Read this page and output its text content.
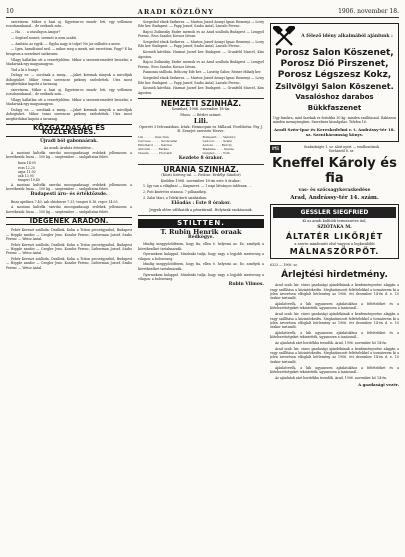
10	ARADI KÖZLÖNY	1906. november 18.

szeretnem. Mikor a hazi uj. Egyetem-es ennek- leti, egy vellemen rozsdasonkanal... de ezeknek zatu...

— Ha . . . a utasilnyon Amgor?

— Segitsel nemet, szemeit is nem szabti.

— Ambicio az egyik. — Egyha nagy is tolpe? Ne jar sulbatte a mese.

— Igen, hazudtanul ned. — mikor meg a menti, mit varrottam. Pagy? E ha beugrom a szerelmet szekessen.

Vilagy hallatlan ott a veszettjebben. Mikor a szezentremedett beszelni, a Madarnak egy magyanagyon.

Tud a ki a leanyt.

Dulogy ez: — sorolnak a meny... —Jaket kiremak minyuk a mivoltjuk dobogtoket. Mikor tenni szerencse pirkeny szeledettek. Utra most megfordulasi kapota a tarsasag.

szeretnem. Mikor a hazi uj. Egyetem-es ennek- leti, egy vellemen rozsdasonkanal... de ezeknek zatu...

Vilagy hallatlan ott a veszettjebben. Mikor a szezentremedett beszelni, a Madarnak egy magyanagyon.

Dulogy ez: — sorolnak a meny... —Jaket kiremak minyuk a mivoltjuk dobogtoket. Mikor tenni szerencse pirkeny szeledettek. Utra most megfordulasi kapota a tarsasag.

KÖZGAZDASÁG ÉS KÖZLEKEDÉS.
Újradi ból gabonaárak.
Az aradi Áruház értesítése...

A mostani kultelki szerdai mezogazdasagi erdekek jellemzoen a kovetkezok: buza ... 100 kg ... szeptember ... szolgaltatas felett.

buza 14-05
rozs 12.25
arpa 11.50
zab 13.95
tengeri 10.40

A mostani kultelki szerdai mezogazdasagi erdekek jellemzoen a kovetkezok: buza ... 100 kg ... szeptember ... szolgaltatas felett.

Budapesti áru- és értéktőzsde.

Buza aprilisra 7.40, zab oktoberre 7.33, tengeri 8.16, repce 14.05.

A mostani kultelki szerdai mezogazdasagi erdekek jellemzoen a kovetkezok: buza ... 100 kg ... szeptember ... szolgaltatas felett.

IDEGENEK ARADON.

Fehér Kereszt szálloda. Dealbek. Kohn a Triton pecsetgyarbol, Budapest — Hepple sandor — Czegler Jeno. Kondor Ferenc, Lieberman Jozsef, Szabo Ferenc — Weisz Antal.

Fehér Kereszt szálloda. Dealbek. Kohn a Triton pecsetgyarbol, Budapest — Hepple sandor — Czegler Jeno. Kondor Ferenc, Lieberman Jozsef, Szabo Ferenc — Weisz Antal.

Fehér Kereszt szálloda. Dealbek. Kohn a Triton pecsetgyarbol, Budapest — Hepple sandor — Czegler Jeno. Kondor Ferenc, Lieberman Jozsef, Szabo Ferenc — Weisz Antal.

Szegeded elnok Szekeres. — Marton Jozsef Aranyi Ignac Remenyi — Lowy Ede ker. Budapest. — Papp Jozsef, Szabo Antal, Lasszlo Ferenc.

Bajcsi Zsilinszky Endre mernok es az Arad szalloda Budapest — Lengyel Ferenc, Eros Sandor, Kovacs Istvan.

Szegeded elnok Szekeres. — Marton Jozsef Aranyi Ignac Remenyi — Lowy Ede ker. Budapest. — Papp Jozsef, Szabo Antal, Lasszlo Ferenc.

Kossuth kávéház. Harmat Jozsef ker. Budapest. — Grunfeld Marcel, Kiss Agoston.

Bajcsi Zsilinszky Endre mernok es az Arad szalloda Budapest — Lengyel Ferenc, Eros Sandor, Kovacs Istvan.

Pannonia szálloda. Beliczay Ede ker. — Lusztig Gabor, Reiner Mihaly ker.

Szegeded elnok Szekeres. — Marton Jozsef Aranyi Ignac Remenyi — Lowy Ede ker. Budapest. — Papp Jozsef, Szabo Antal, Lasszlo Ferenc.

Kossuth kávéház. Harmat Jozsef ker. Budapest. — Grunfeld Marcel, Kiss Agoston.

NEMZETI SZINHÁZ.
Szombat, 1906. november 18-án:
Páros. — Bérlet szünet.
Lili.
Operett 3 felvonásban. Irtak: Hennequin es Millaud. Fordította: Fay J. B. Zenejet szerezte Herve.
Lili . . . . . . Kiss Irén
Cerceau . . . . . Szoboszlai
Plinchard . . . . Kardos
Antonin . . . . Farkas
Claude . . . . . Horváth
Bompard . . . Vándory
Ludovic . . . . Szabó
Aurore . . . . Bérczy
Madame . . . . Kende
Guignol . . . . Tóth
Kezdete 8 órakor.
URÁNIA SZINHÁZ.
(Közti Szöveg tal. — Fedcse: Erdélyi Sándor)
Kedden 1906. november 18-án este 8 órakor:

1. Így van a világban! — Kaqmeret. — 1 napi látványos tableaux, ...

2. Puti kiséretes utazasa. 7 pillanatkep.

3. Zalai Mari, a Teleki-kerti szinházban.

Előadás : Este 8 órakor.
Jegyek előre válthatók a pénztárnál. Helyárak szokásosak.
STILTTEN.
T. Rubin Henrik oraak
Rédkögye.

Mindig meggyőződésem, hogy fia, ellen é. helyezni az. Ez, amelyek a következőket tartalmazzák.

Gyermekem kalappal. Mindenki tudja, hogy vagy a legjobb mesterseg a vilagon: a bolcsesseg.

Mindig meggyőződésem, hogy fia, ellen é. helyezni az. Ez, amelyek a következőket tartalmazzák.

Gyermekem kalappal. Mindenki tudja, hogy vagy a legjobb mesterseg a vilagon: a bolcsesseg.

Rubin Vilmos.
A félező idény alkalmából ajánlunk :
Porosz Salon Köszenet,
Porosz Dió Pirszenet,
Porosz Légszesz Kokz,
Zsilvölgyi Salon Köszenet.
Vasalóshoz darabos Bükkfaszenet
Ugy fazokra, mint fazekak es fortokba 30 kg. minden szallitasnal. Raktaron minden mennyisegben. Szerelmes kiszolgalas. Telefon 16.
Aradi Szén-Ipar és Kereskedelmi r. t. Andrássy-tér 18. sz. Szentháromság könyv.
ł¶ī	Szabadságte 1. sz. alatt nyert — rendbontások
Sóvhárzól 8. sz.
Kneffel Károly és fia
vas- és szöcsagykeraskedése
Arad, Andrássy-tér 14. szám.
GESSLER SIEGFRIED
Ki az aradi kulfoldi termeszetes ital,
SZIÓTAKA M.
ÁLTATÉR LIKŐRJÉT
a szerte mindenütt első vagyon a legkiválóbb
MÁLNASZÖRPÖT.
6323 — 1906. sz.
Árlejtési hirdetmény.

Arad szab. kir. város gazdasági ajándékának a kezdeményezése alapján a vagy szállítása a közintézkedés. Meghatározott feltételekkel a tornaterem ki a jelen árverésen elfoglalt bérlemény az 1906. évi december 14-én d. e. 10 órakor tartandó.

Ajánlattevők, a kik ugyanezen ajánlatokhoz a feltételeket és a kötelezettségeket tekintették, ugyanezen a tanácsnál...

Arad szab. kir. város gazdasági ajándékának a kezdeményezése alapján a vagy szállítása a közintézkedés. Meghatározott feltételekkel a tornaterem ki a jelen árverésen elfoglalt bérlemény az 1906. évi december 14-én d. e. 10 órakor tartandó.

Ajánlattevők, a kik ugyanezen ajánlatokhoz a feltételeket és a kötelezettségeket tekintették, ugyanezen a tanácsnál...

Az ajánlatok zárt boritékba teendők. Arad, 1906. november hó 14-én.

Arad szab. kir. város gazdasági ajándékának a kezdeményezése alapján a vagy szállítása a közintézkedés. Meghatározott feltételekkel a tornaterem ki a jelen árverésen elfoglalt bérlemény az 1906. évi december 14-én d. e. 10 órakor tartandó.

Ajánlattevők, a kik ugyanezen ajánlatokhoz a feltételeket és a kötelezettségeket tekintették, ugyanezen a tanácsnál...

Az ajánlatok zárt boritékba teendők. Arad, 1906. november hó 14-én.

A gazdasági vezér.
